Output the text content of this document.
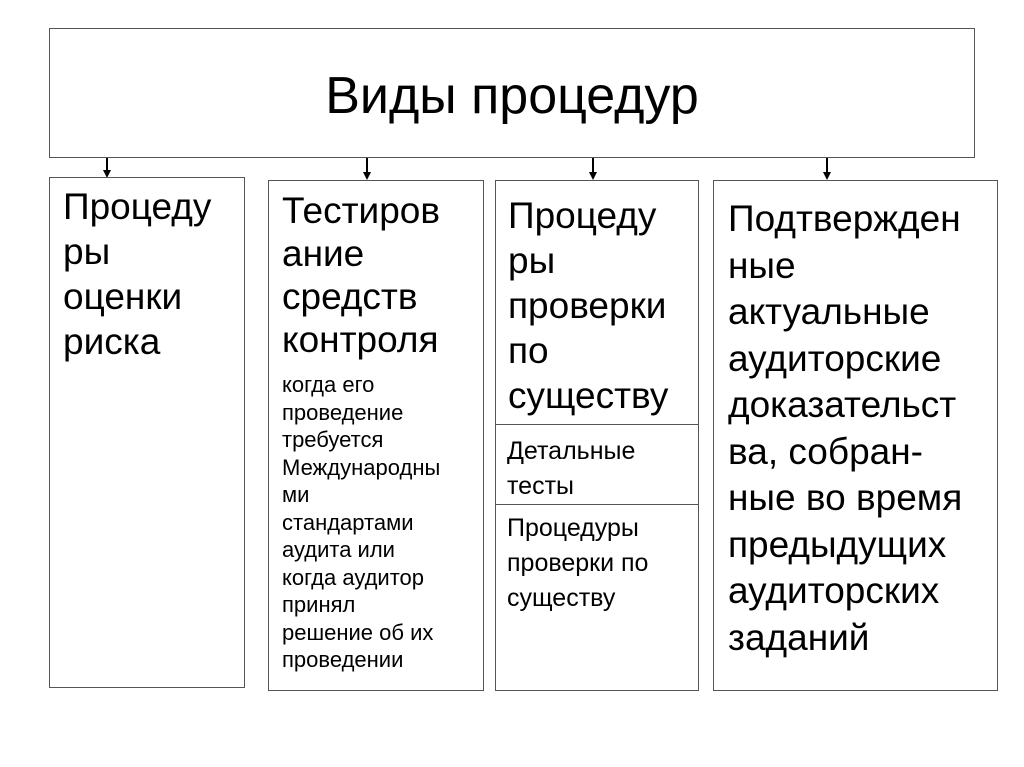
Виды процедур

Процеду

ры

оценки

риска

Тестиров

ание

средств

контроля

когда его

проведение

требуется

Международны

ми

стандартами

аудита или

когда аудитор

принял

решение об их

проведении

Процеду

ры

проверки

по

существу

Детальные

тесты

Процедуры

проверки по

существу

Подтвержден

ные

актуальные

аудиторские

доказательст

ва, собран-

ные во время

предыдущих

аудиторских

заданий
